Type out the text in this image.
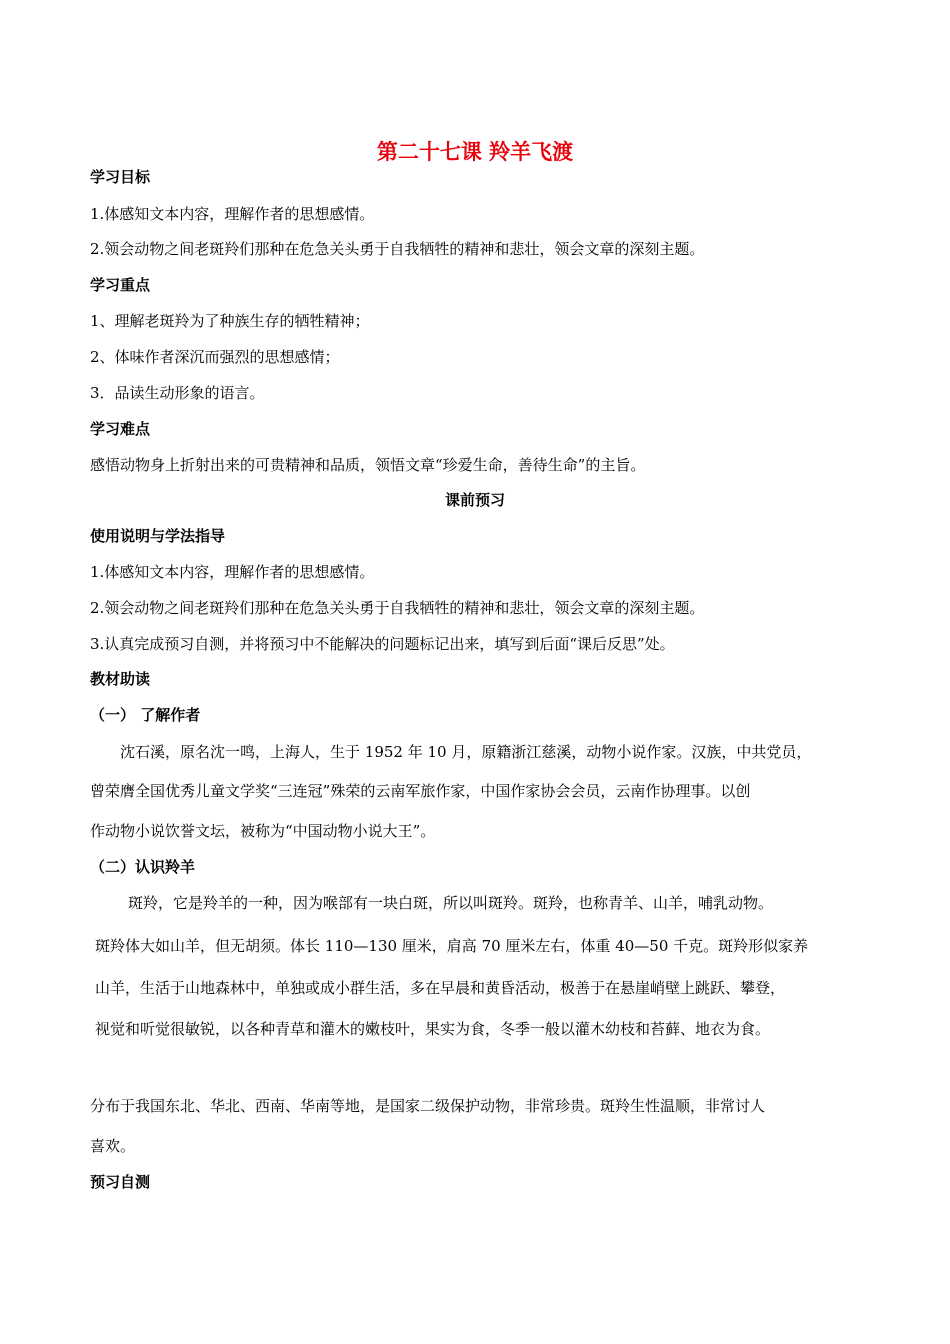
第二十七课 羚羊飞渡
学习目标
1.体感知文本内容，理解作者的思想感情。
2.领会动物之间老斑羚们那种在危急关头勇于自我牺牲的精神和悲壮，领会文章的深刻主题。
学习重点
1、理解老斑羚为了种族生存的牺牲精神；
2、体味作者深沉而强烈的思想感情；
3．品读生动形象的语言。
学习难点
感悟动物身上折射出来的可贵精神和品质，领悟文章“珍爱生命，善待生命”的主旨。
课前预习
使用说明与学法指导
1.体感知文本内容，理解作者的思想感情。
2.领会动物之间老斑羚们那种在危急关头勇于自我牺牲的精神和悲壮，领会文章的深刻主题。
3.认真完成预习自测，并将预习中不能解决的问题标记出来，填写到后面“课后反思”处。
教材助读
（一） 了解作者
沈石溪，原名沈一鸣，上海人，生于 1952 年 10 月，原籍浙江慈溪，动物小说作家。汉族，中共党员，
曾荣膺全国优秀儿童文学奖“三连冠”殊荣的云南军旅作家，中国作家协会会员，云南作协理事。以创
作动物小说饮誉文坛，被称为“中国动物小说大王”。
（二）认识羚羊
斑羚，它是羚羊的一种，因为喉部有一块白斑，所以叫斑羚。斑羚，也称青羊、山羊，哺乳动物。
斑羚体大如山羊，但无胡须。体长 110—130 厘米，肩高 70 厘米左右，体重 40—50 千克。斑羚形似家养
山羊，生活于山地森林中，单独或成小群生活，多在早晨和黄昏活动，极善于在悬崖峭壁上跳跃、攀登，
视觉和听觉很敏锐，以各种青草和灌木的嫩枝叶，果实为食，冬季一般以灌木幼枝和苔藓、地衣为食。
分布于我国东北、华北、西南、华南等地，是国家二级保护动物，非常珍贵。斑羚生性温顺，非常讨人
喜欢。
预习自测
